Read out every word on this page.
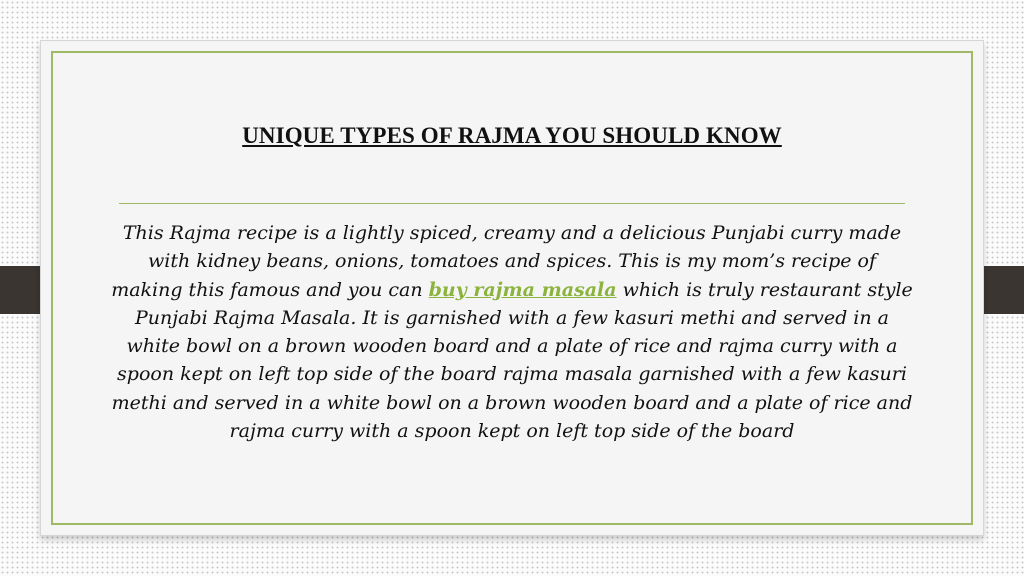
UNIQUE TYPES OF RAJMA YOU SHOULD KNOW

This Rajma recipe is a lightly spiced, creamy and a delicious Punjabi curry made with kidney beans, onions, tomatoes and spices. This is my mom’s recipe of making this famous and you can buy rajma masala which is truly restaurant style Punjabi Rajma Masala. It is garnished with a few kasuri methi and served in a white bowl on a brown wooden board and a plate of rice and rajma curry with a spoon kept on left top side of the board rajma masala garnished with a few kasuri methi and served in a white bowl on a brown wooden board and a plate of rice and rajma curry with a spoon kept on left top side of the board
